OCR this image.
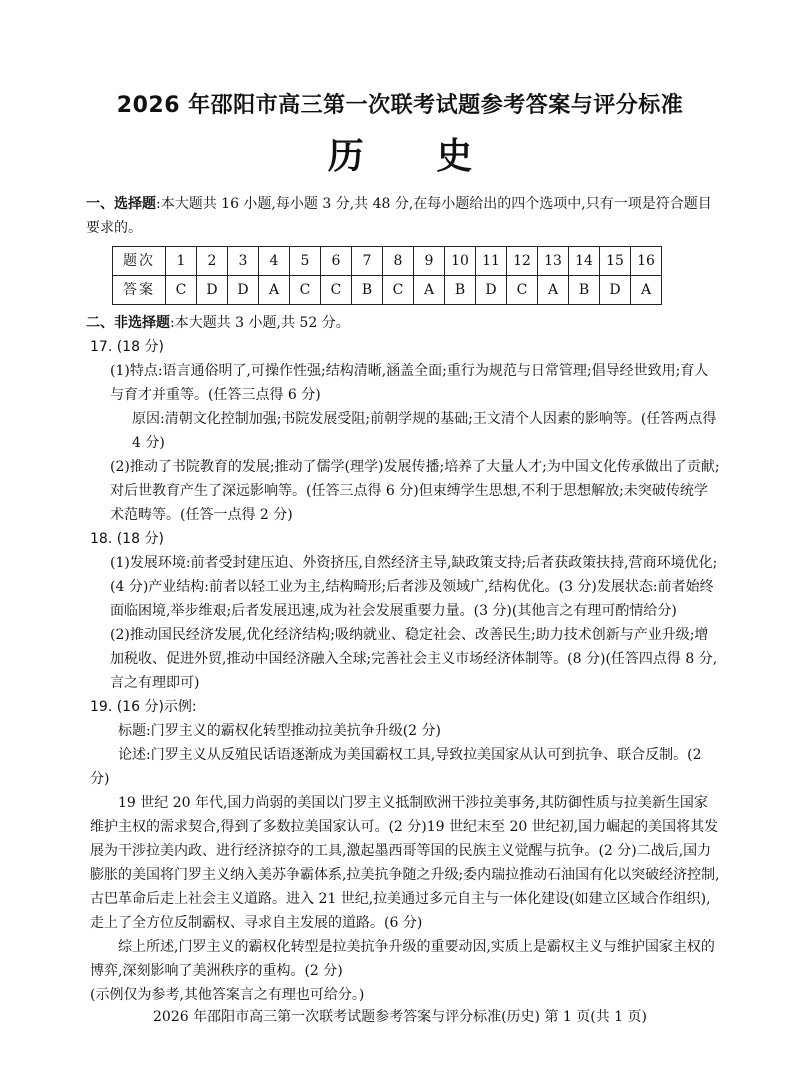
2026 年邵阳市高三第一次联考试题参考答案与评分标准
历 史
一、选择题:本大题共 16 小题,每小题 3 分,共 48 分,在每小题给出的四个选项中,只有一项是符合题目要求的。
题次	1	2	3	4	5	6	7	8	9	10	11	12	13	14	15	16
答案	C	D	D	A	C	C	B	C	A	B	D	C	A	B	D	A
二、非选择题:本大题共 3 小题,共 52 分。
17. (18 分)
(1)特点:语言通俗明了,可操作性强;结构清晰,涵盖全面;重行为规范与日常管理;倡导经世致用;育人与育才并重等。(任答三点得 6 分)
原因:清朝文化控制加强;书院发展受阻;前朝学规的基础;王文清个人因素的影响等。(任答两点得 4 分)
(2)推动了书院教育的发展;推动了儒学(理学)发展传播;培养了大量人才;为中国文化传承做出了贡献;对后世教育产生了深远影响等。(任答三点得 6 分)但束缚学生思想,不利于思想解放;未突破传统学术范畴等。(任答一点得 2 分)
18. (18 分)
(1)发展环境:前者受封建压迫、外资挤压,自然经济主导,缺政策支持;后者获政策扶持,营商环境优化;(4 分)产业结构:前者以轻工业为主,结构畸形;后者涉及领域广,结构优化。(3 分)发展状态:前者始终面临困境,举步维艰;后者发展迅速,成为社会发展重要力量。(3 分)(其他言之有理可酌情给分)
(2)推动国民经济发展,优化经济结构;吸纳就业、稳定社会、改善民生;助力技术创新与产业升级;增加税收、促进外贸,推动中国经济融入全球;完善社会主义市场经济体制等。(8 分)(任答四点得 8 分,言之有理即可)
19. (16 分)示例:
标题:门罗主义的霸权化转型推动拉美抗争升级(2 分)
论述:门罗主义从反殖民话语逐渐成为美国霸权工具,导致拉美国家从认可到抗争、联合反制。(2 分)
19 世纪 20 年代,国力尚弱的美国以门罗主义抵制欧洲干涉拉美事务,其防御性质与拉美新生国家维护主权的需求契合,得到了多数拉美国家认可。(2 分)19 世纪末至 20 世纪初,国力崛起的美国将其发展为干涉拉美内政、进行经济掠夺的工具,激起墨西哥等国的民族主义觉醒与抗争。(2 分)二战后,国力膨胀的美国将门罗主义纳入美苏争霸体系,拉美抗争随之升级;委内瑞拉推动石油国有化以突破经济控制,古巴革命后走上社会主义道路。进入 21 世纪,拉美通过多元自主与一体化建设(如建立区域合作组织),走上了全方位反制霸权、寻求自主发展的道路。(6 分)
综上所述,门罗主义的霸权化转型是拉美抗争升级的重要动因,实质上是霸权主义与维护国家主权的博弈,深刻影响了美洲秩序的重构。(2 分)
(示例仅为参考,其他答案言之有理也可给分。)
2026 年邵阳市高三第一次联考试题参考答案与评分标准(历史) 第 1 页(共 1 页)
